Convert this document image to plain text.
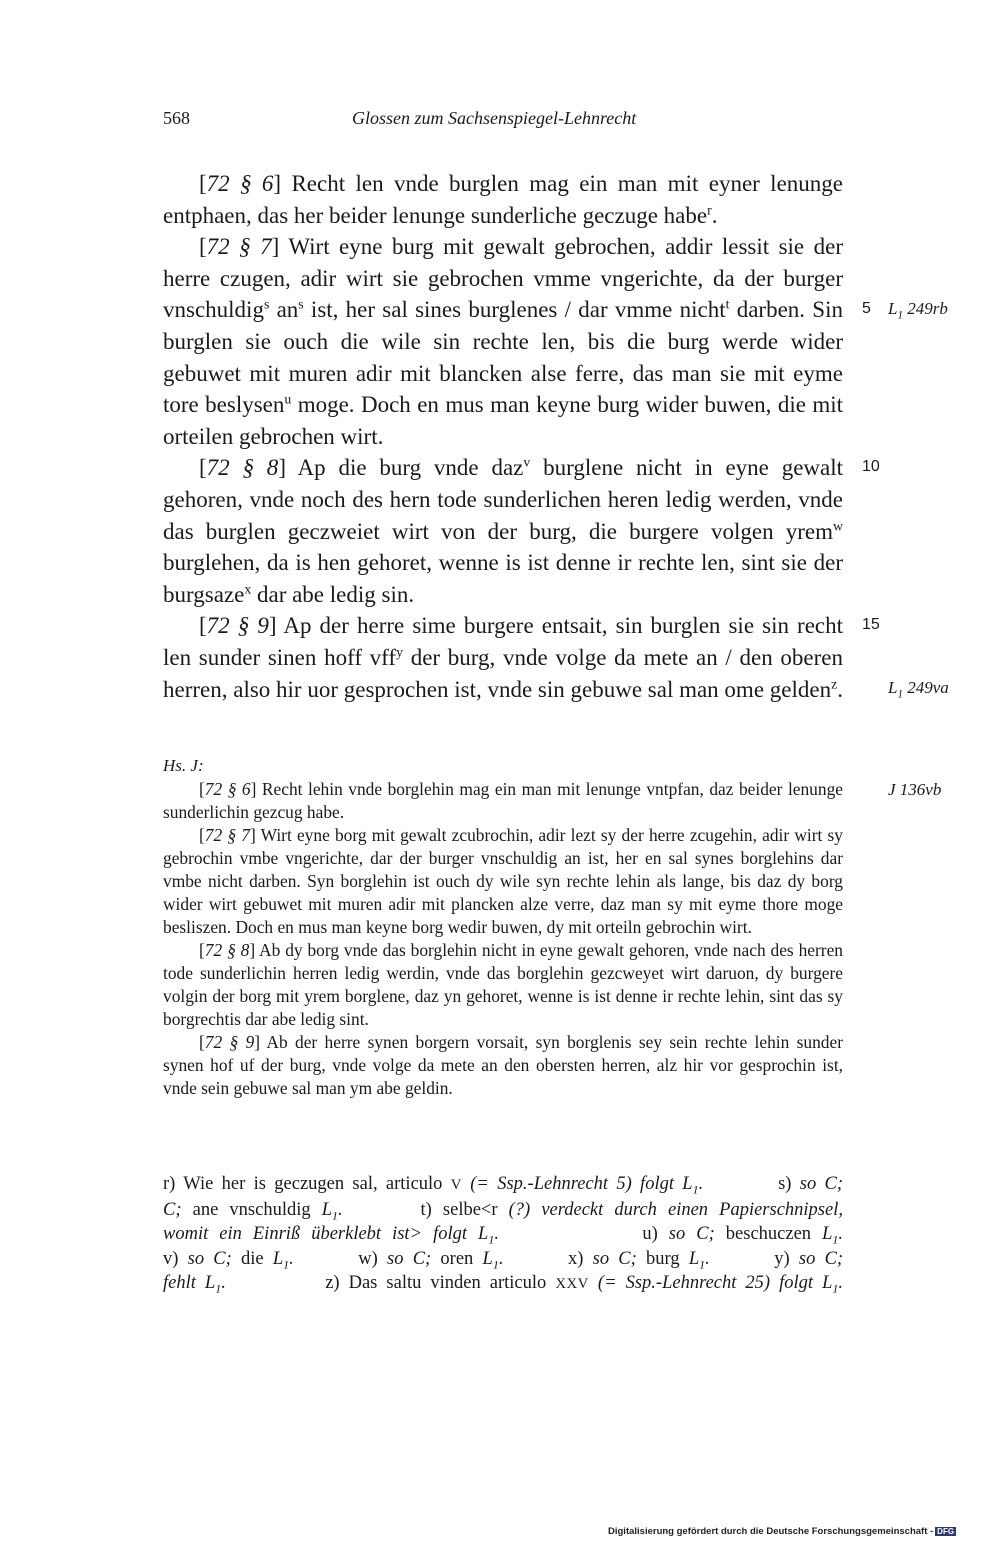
568	Glossen zum Sachsenspiegel-Lehnrecht

[72 § 6] Recht len vnde burglen mag ein man mit eyner lenunge entphaen, das her beider lenunge sunderliche geczuge habe$^r$.

[72 § 7] Wirt eyne burg mit gewalt gebrochen, addir lessit sie der herre czugen, adir wirt sie gebrochen vmme vngerichte, da der burger vnschuldig$^s$ $an^s$ ist, her sal sines burglenes / dar vmme nicht$^t$ darben. Sin burglen sie ouch die wile sin rechte len, bis die burg werde wider gebuwet mit muren adir mit blancken alse ferre, das man sie mit eyme tore beslysen$^u$ moge. Doch en mus man keyne burg wider buwen, die mit orteilen gebrochen wirt.

[72 § 8] Ap die burg vnde daz$^v$ burglene nicht in eyne gewalt gehoren, vnde noch des hern tode sunderlichen heren ledig werden, vnde das burglen geczweiet wirt von der burg, die burgere volgen yrem$^w$ burglehen, da is hen gehoret, wenne is ist denne ir rechte len, sint sie der burgsaze$^x$ dar abe ledig sin.

[72 § 9] Ap der herre sime burgere entsait, sin burglen sie sin recht len sunder sinen hoff vff$^y$ der burg, vnde volge da mete an / den oberen herren, also hir uor gesprochen ist, vnde sin gebuwe sal man ome gelden$^z$.

5
10
15
$L_1$ 249rb
$L_1$ 249va
J 136vb
Hs. J:

[72 § 6] Recht lehin vnde borglehin mag ein man mit lenunge vntpfan, daz beider lenunge sunderlichin gezcug habe.

[72 § 7] Wirt eyne borg mit gewalt zcubrochin, adir lezt sy der herre zcugehin, adir wirt sy gebrochin vmbe vngerichte, dar der burger vnschuldig an ist, her en sal synes borglehins dar vmbe nicht darben. Syn borglehin ist ouch dy wile syn rechte lehin als lange, bis daz dy borg wider wirt gebuwet mit muren adir mit plancken alze verre, daz man sy mit eyme thore moge besliszen. Doch en mus man keyne borg wedir buwen, dy mit orteiln gebrochin wirt.

[72 § 8] Ab dy borg vnde das borglehin nicht in eyne gewalt gehoren, vnde nach des herren tode sunderlichin herren ledig werdin, vnde das borglehin gezcweyet wirt daruon, dy burgere volgin der borg mit yrem borglene, daz yn gehoret, wenne is ist denne ir rechte lehin, sint das sy borgrechtis dar abe ledig sint.

[72 § 9] Ab der herre synen borgern vorsait, syn borglenis sey sein rechte lehin sunder synen hof uf der burg, vnde volge da mete an den obersten herren, alz hir vor gesprochin ist, vnde sein gebuwe sal man ym abe geldin.

r) Wie her is geczugen sal, articulo V (= Ssp.-Lehnrecht 5) folgt $L_1$.	s) so C;
C; ane vnschuldig $L_1$.	t) selbe<r (?) verdeckt durch einen Papierschnipsel,
womit ein Einriß überklebt ist> folgt $L_1$.	u) so C; beschuczen $L_1$.
v) so C; die $L_1$.	w) so C; oren $L_1$.	x) so C; burg $L_1$.	y) so C;
fehlt $L_1$.	z) Das saltu vinden articulo XXV (= Ssp.-Lehnrecht 25) folgt $L_1$.
Digitalisierung gefördert durch die Deutsche Forschungsgemeinschaft - DFG
